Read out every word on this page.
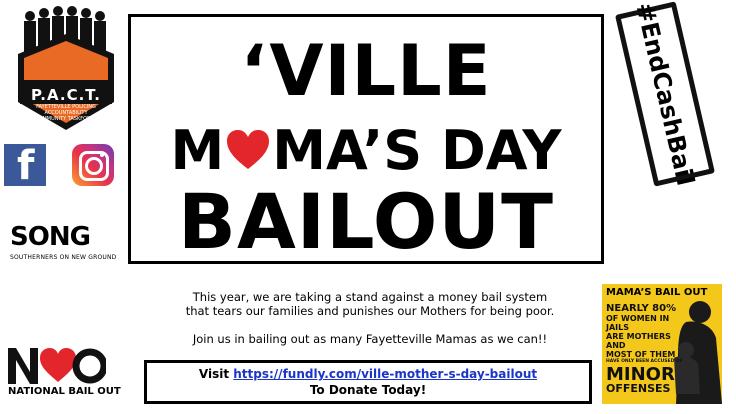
P.A.C.T.
FAYETTEVILLE POLICING ACCOUNTABILITY COMMUNITY TASKFORCE
f
SONG
SOUTHERNERS ON NEW GROUND
NATIONAL BAIL OUT
‘VILLE
M MA’S DAY
BAILOUT
#EndCashBail

This year, we are taking a stand against a money bail system

that tears our families and punishes our Mothers for being poor.

Join us in bailing out as many Fayetteville Mamas as we can!!

Visit https://fundly.com/ville-mother-s-day-bailout
To Donate Today!
MAMA’S BAIL OUT
NEARLY 80%
OF WOMEN IN JAILS
ARE MOTHERS AND
MOST OF THEM
HAVE ONLY BEEN ACCUSED OF
MINOR
OFFENSES
